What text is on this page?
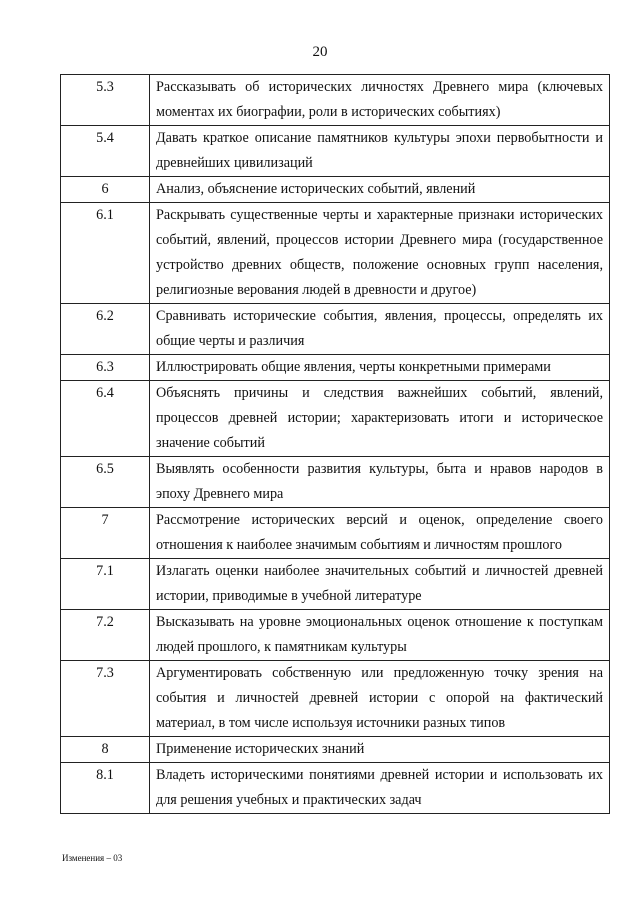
20
5.3	Рассказывать об исторических личностях Древнего мира (ключевых моментах их биографии, роли в исторических событиях)
5.4	Давать краткое описание памятников культуры эпохи первобытности и древнейших цивилизаций
6	Анализ, объяснение исторических событий, явлений
6.1	Раскрывать существенные черты и характерные признаки исторических событий, явлений, процессов истории Древнего мира (государственное устройство древних обществ, положение основных групп населения, религиозные верования людей в древности и другое)
6.2	Сравнивать исторические события, явления, процессы, определять их общие черты и различия
6.3	Иллюстрировать общие явления, черты конкретными примерами
6.4	Объяснять причины и следствия важнейших событий, явлений, процессов древней истории; характеризовать итоги и историческое значение событий
6.5	Выявлять особенности развития культуры, быта и нравов народов в эпоху Древнего мира
7	Рассмотрение исторических версий и оценок, определение своего отношения к наиболее значимым событиям и личностям прошлого
7.1	Излагать оценки наиболее значительных событий и личностей древней истории, приводимые в учебной литературе
7.2	Высказывать на уровне эмоциональных оценок отношение к поступкам людей прошлого, к памятникам культуры
7.3	Аргументировать собственную или предложенную точку зрения на события и личностей древней истории с опорой на фактический материал, в том числе используя источники разных типов
8	Применение исторических знаний
8.1	Владеть историческими понятиями древней истории и использовать их для решения учебных и практических задач
Изменения – 03
